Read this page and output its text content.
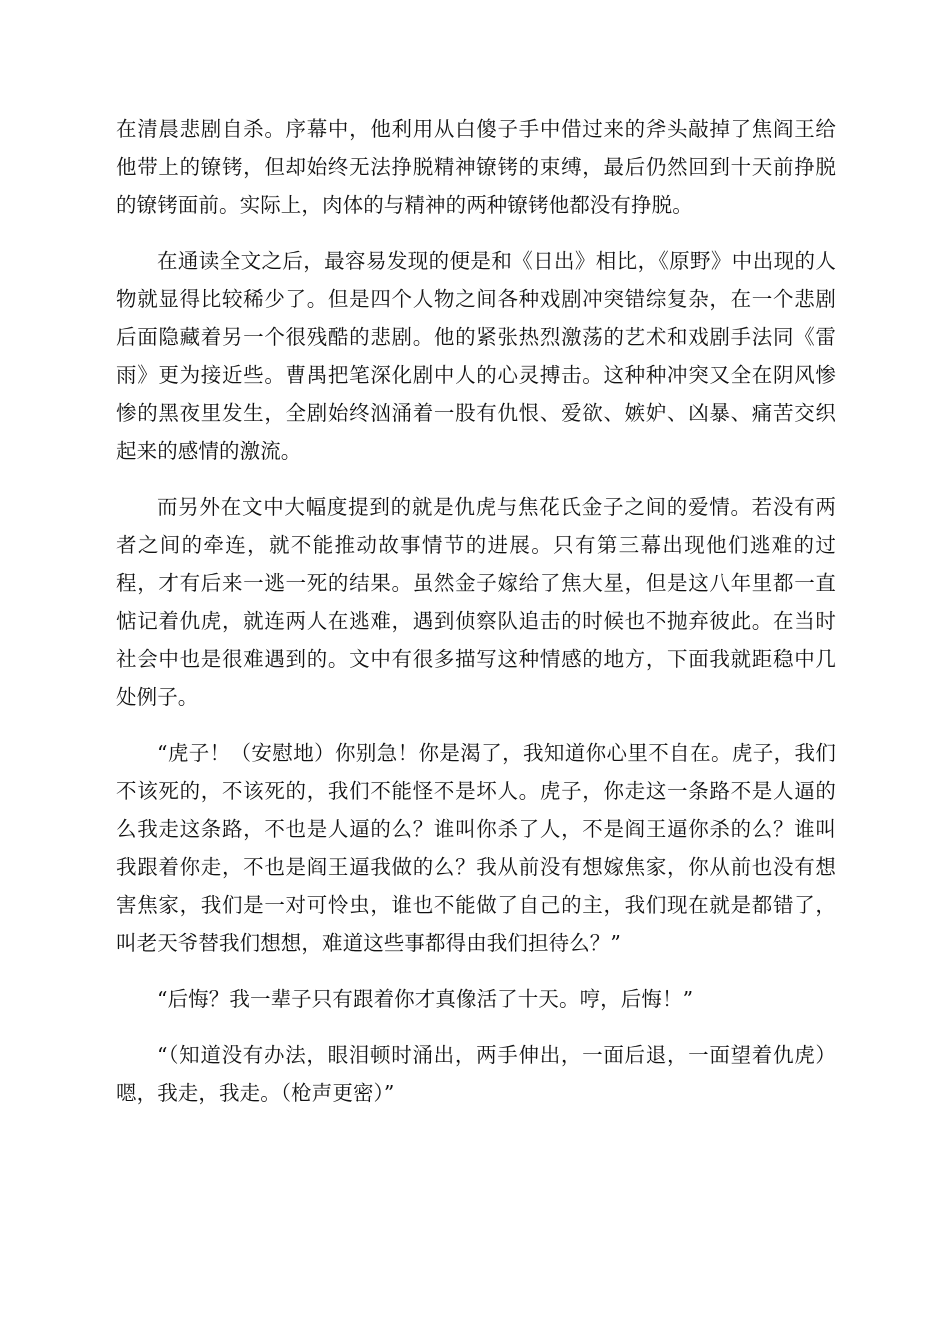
在清晨悲剧自杀。序幕中，他利用从白傻子手中借过来的斧头敲掉了焦阎王给他带上的镣铐，但却始终无法挣脱精神镣铐的束缚，最后仍然回到十天前挣脱的镣铐面前。实际上，肉体的与精神的两种镣铐他都没有挣脱。

在通读全文之后，最容易发现的便是和《日出》相比，《原野》中出现的人物就显得比较稀少了。但是四个人物之间各种戏剧冲突错综复杂，在一个悲剧后面隐藏着另一个很残酷的悲剧。他的紧张热烈激荡的艺术和戏剧手法同《雷雨》更为接近些。曹禺把笔深化剧中人的心灵搏击。这种种冲突又全在阴风惨惨的黑夜里发生，全剧始终汹涌着一股有仇恨、爱欲、嫉妒、凶暴、痛苦交织起来的感情的激流。

而另外在文中大幅度提到的就是仇虎与焦花氏金子之间的爱情。若没有两者之间的牵连，就不能推动故事情节的进展。只有第三幕出现他们逃难的过程，才有后来一逃一死的结果。虽然金子嫁给了焦大星，但是这八年里都一直惦记着仇虎，就连两人在逃难，遇到侦察队追击的时候也不抛弃彼此。在当时社会中也是很难遇到的。文中有很多描写这种情感的地方，下面我就距稳中几处例子。

“虎子！（安慰地）你别急！你是渴了，我知道你心里不自在。虎子，我们不该死的，不该死的，我们不能怪不是坏人。虎子，你走这一条路不是人逼的么我走这条路，不也是人逼的么？谁叫你杀了人，不是阎王逼你杀的么？谁叫我跟着你走，不也是阎王逼我做的么？我从前没有想嫁焦家，你从前也没有想害焦家，我们是一对可怜虫，谁也不能做了自己的主，我们现在就是都错了，叫老天爷替我们想想，难道这些事都得由我们担待么？”

“后悔？我一辈子只有跟着你才真像活了十天。哼，后悔！”

“（知道没有办法，眼泪顿时涌出，两手伸出，一面后退，一面望着仇虎）嗯，我走，我走。（枪声更密）”
